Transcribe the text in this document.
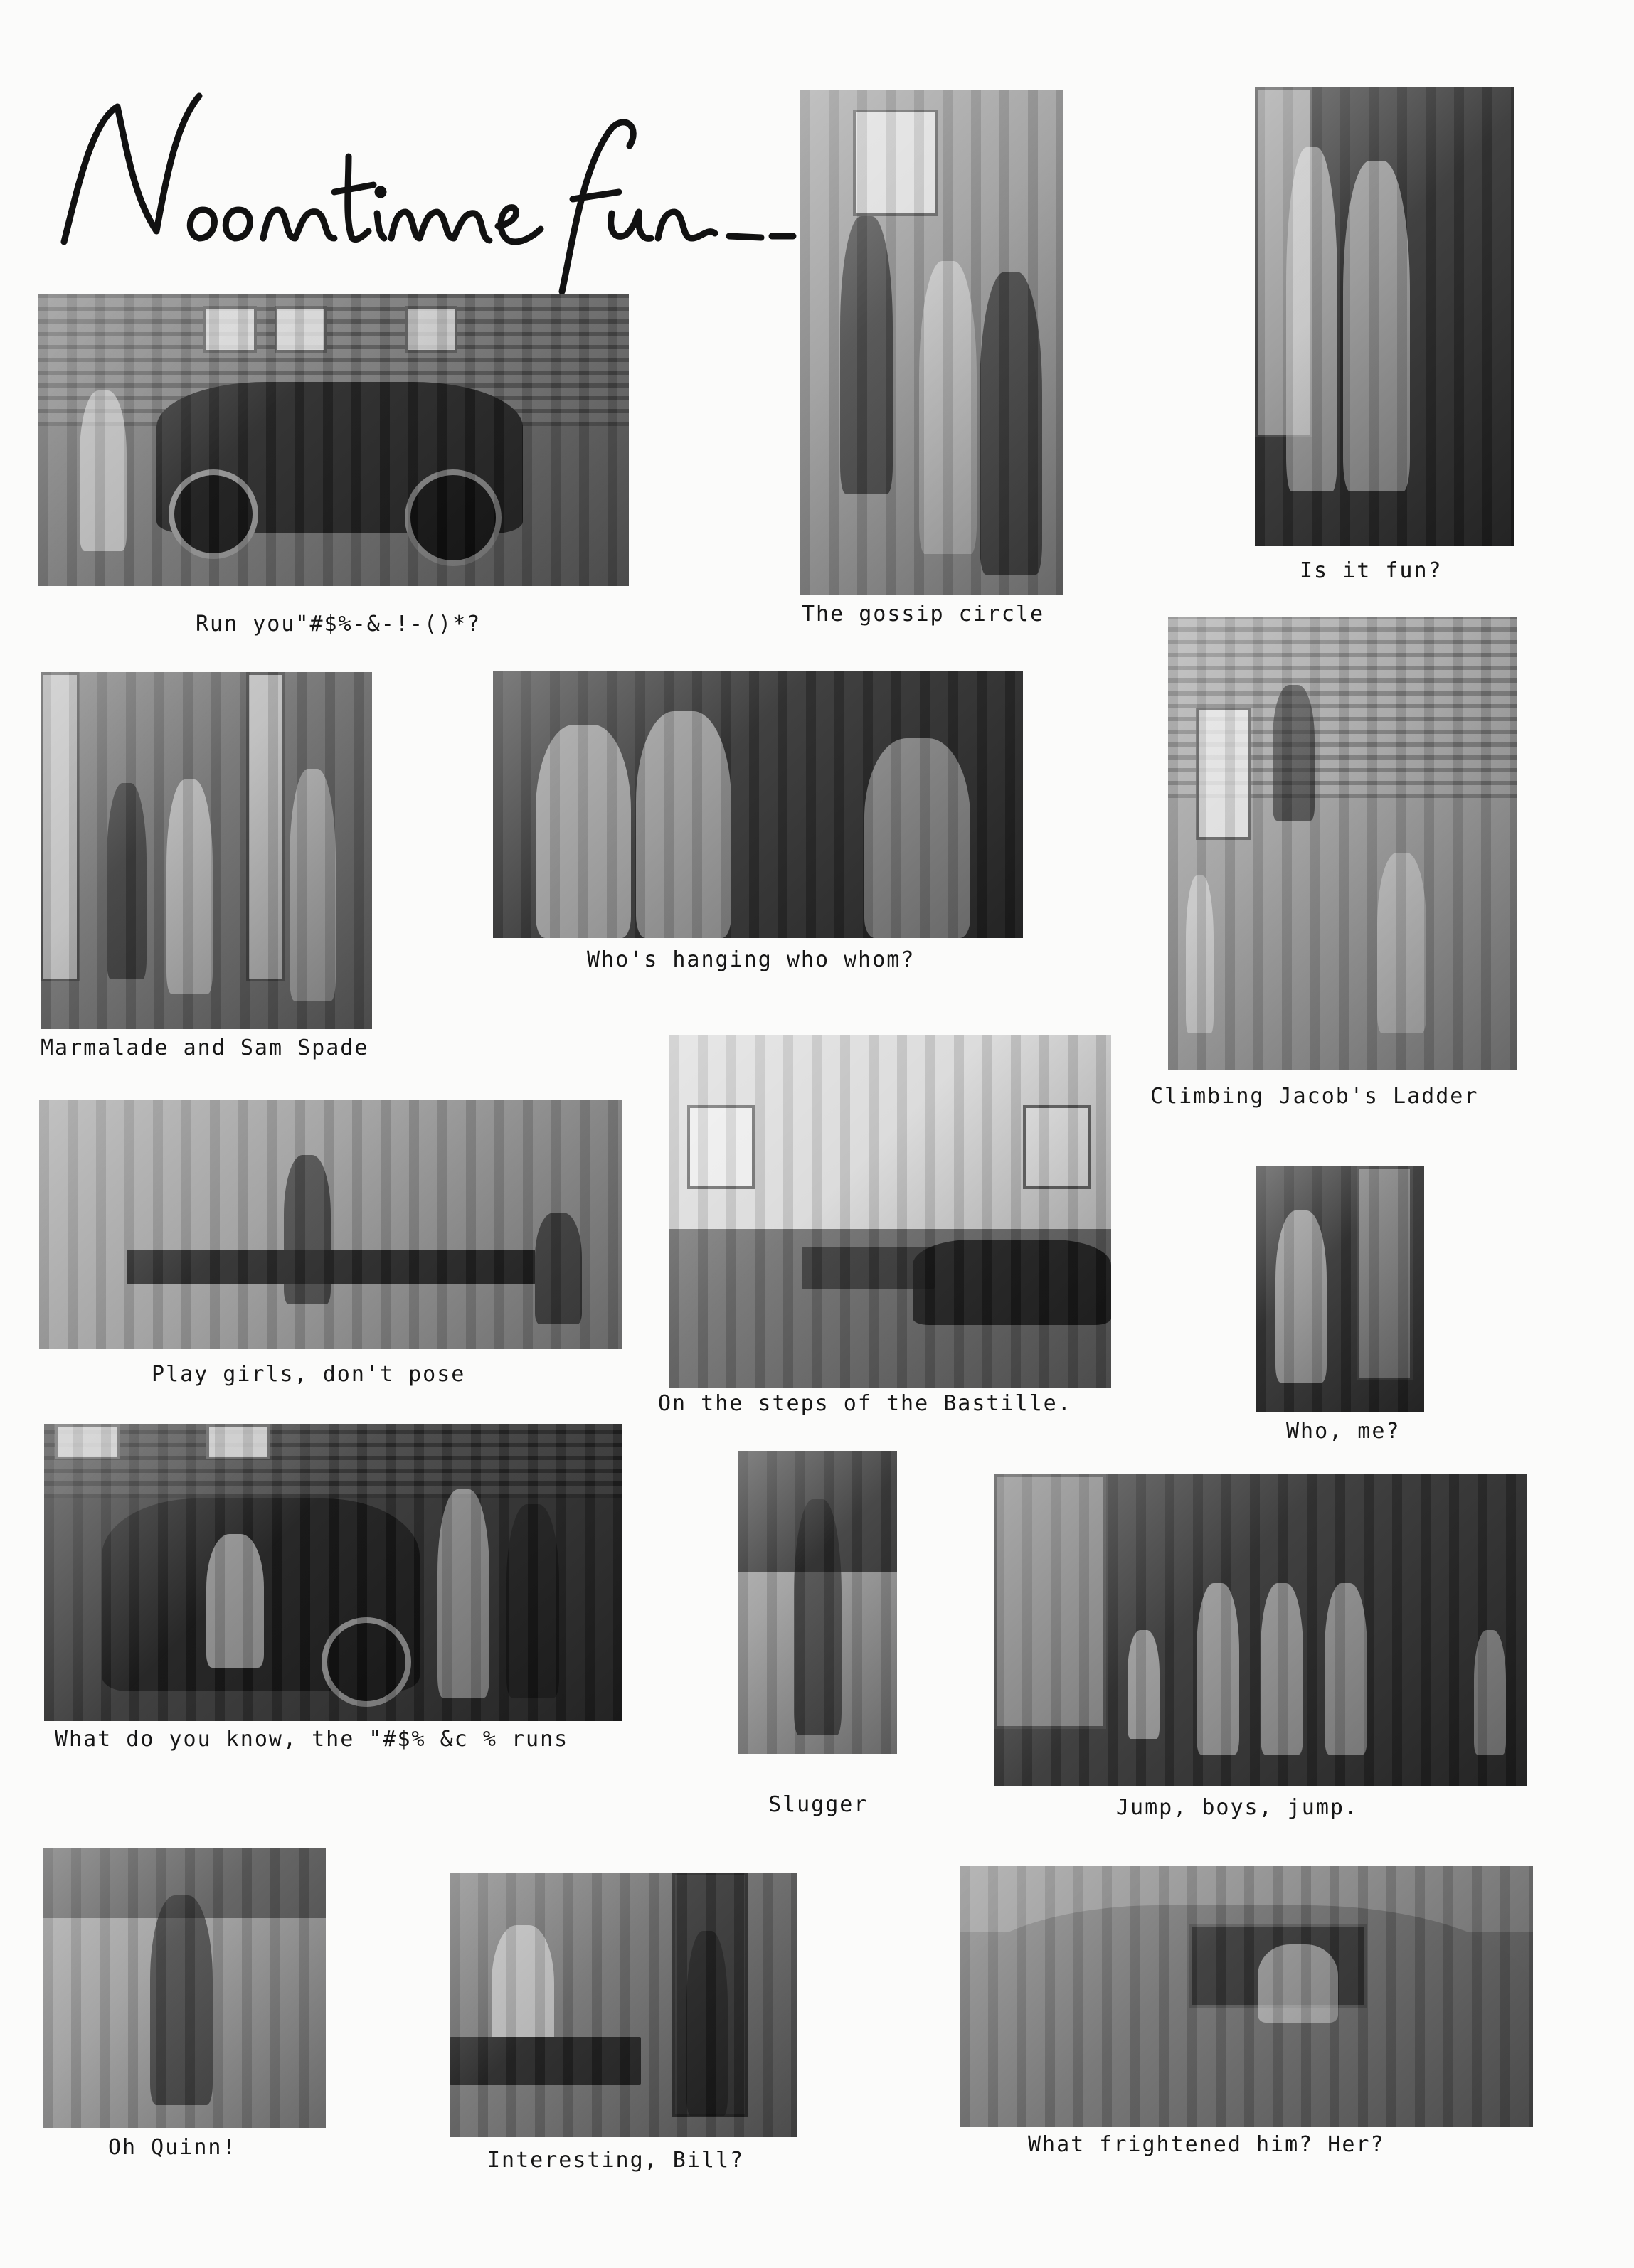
Run you"#$%-&-!-()*?	The gossip circle
Is it fun?
Marmalade and Sam Spade
Who's hanging who whom?
Climbing Jacob's Ladder
Play girls, don't pose
On the steps of the Bastille.
Who, me?
What do you know, the "#$% &c % runs
Slugger	Jump, boys, jump.
Oh Quinn!
Interesting, Bill?
What frightened him? Her?
